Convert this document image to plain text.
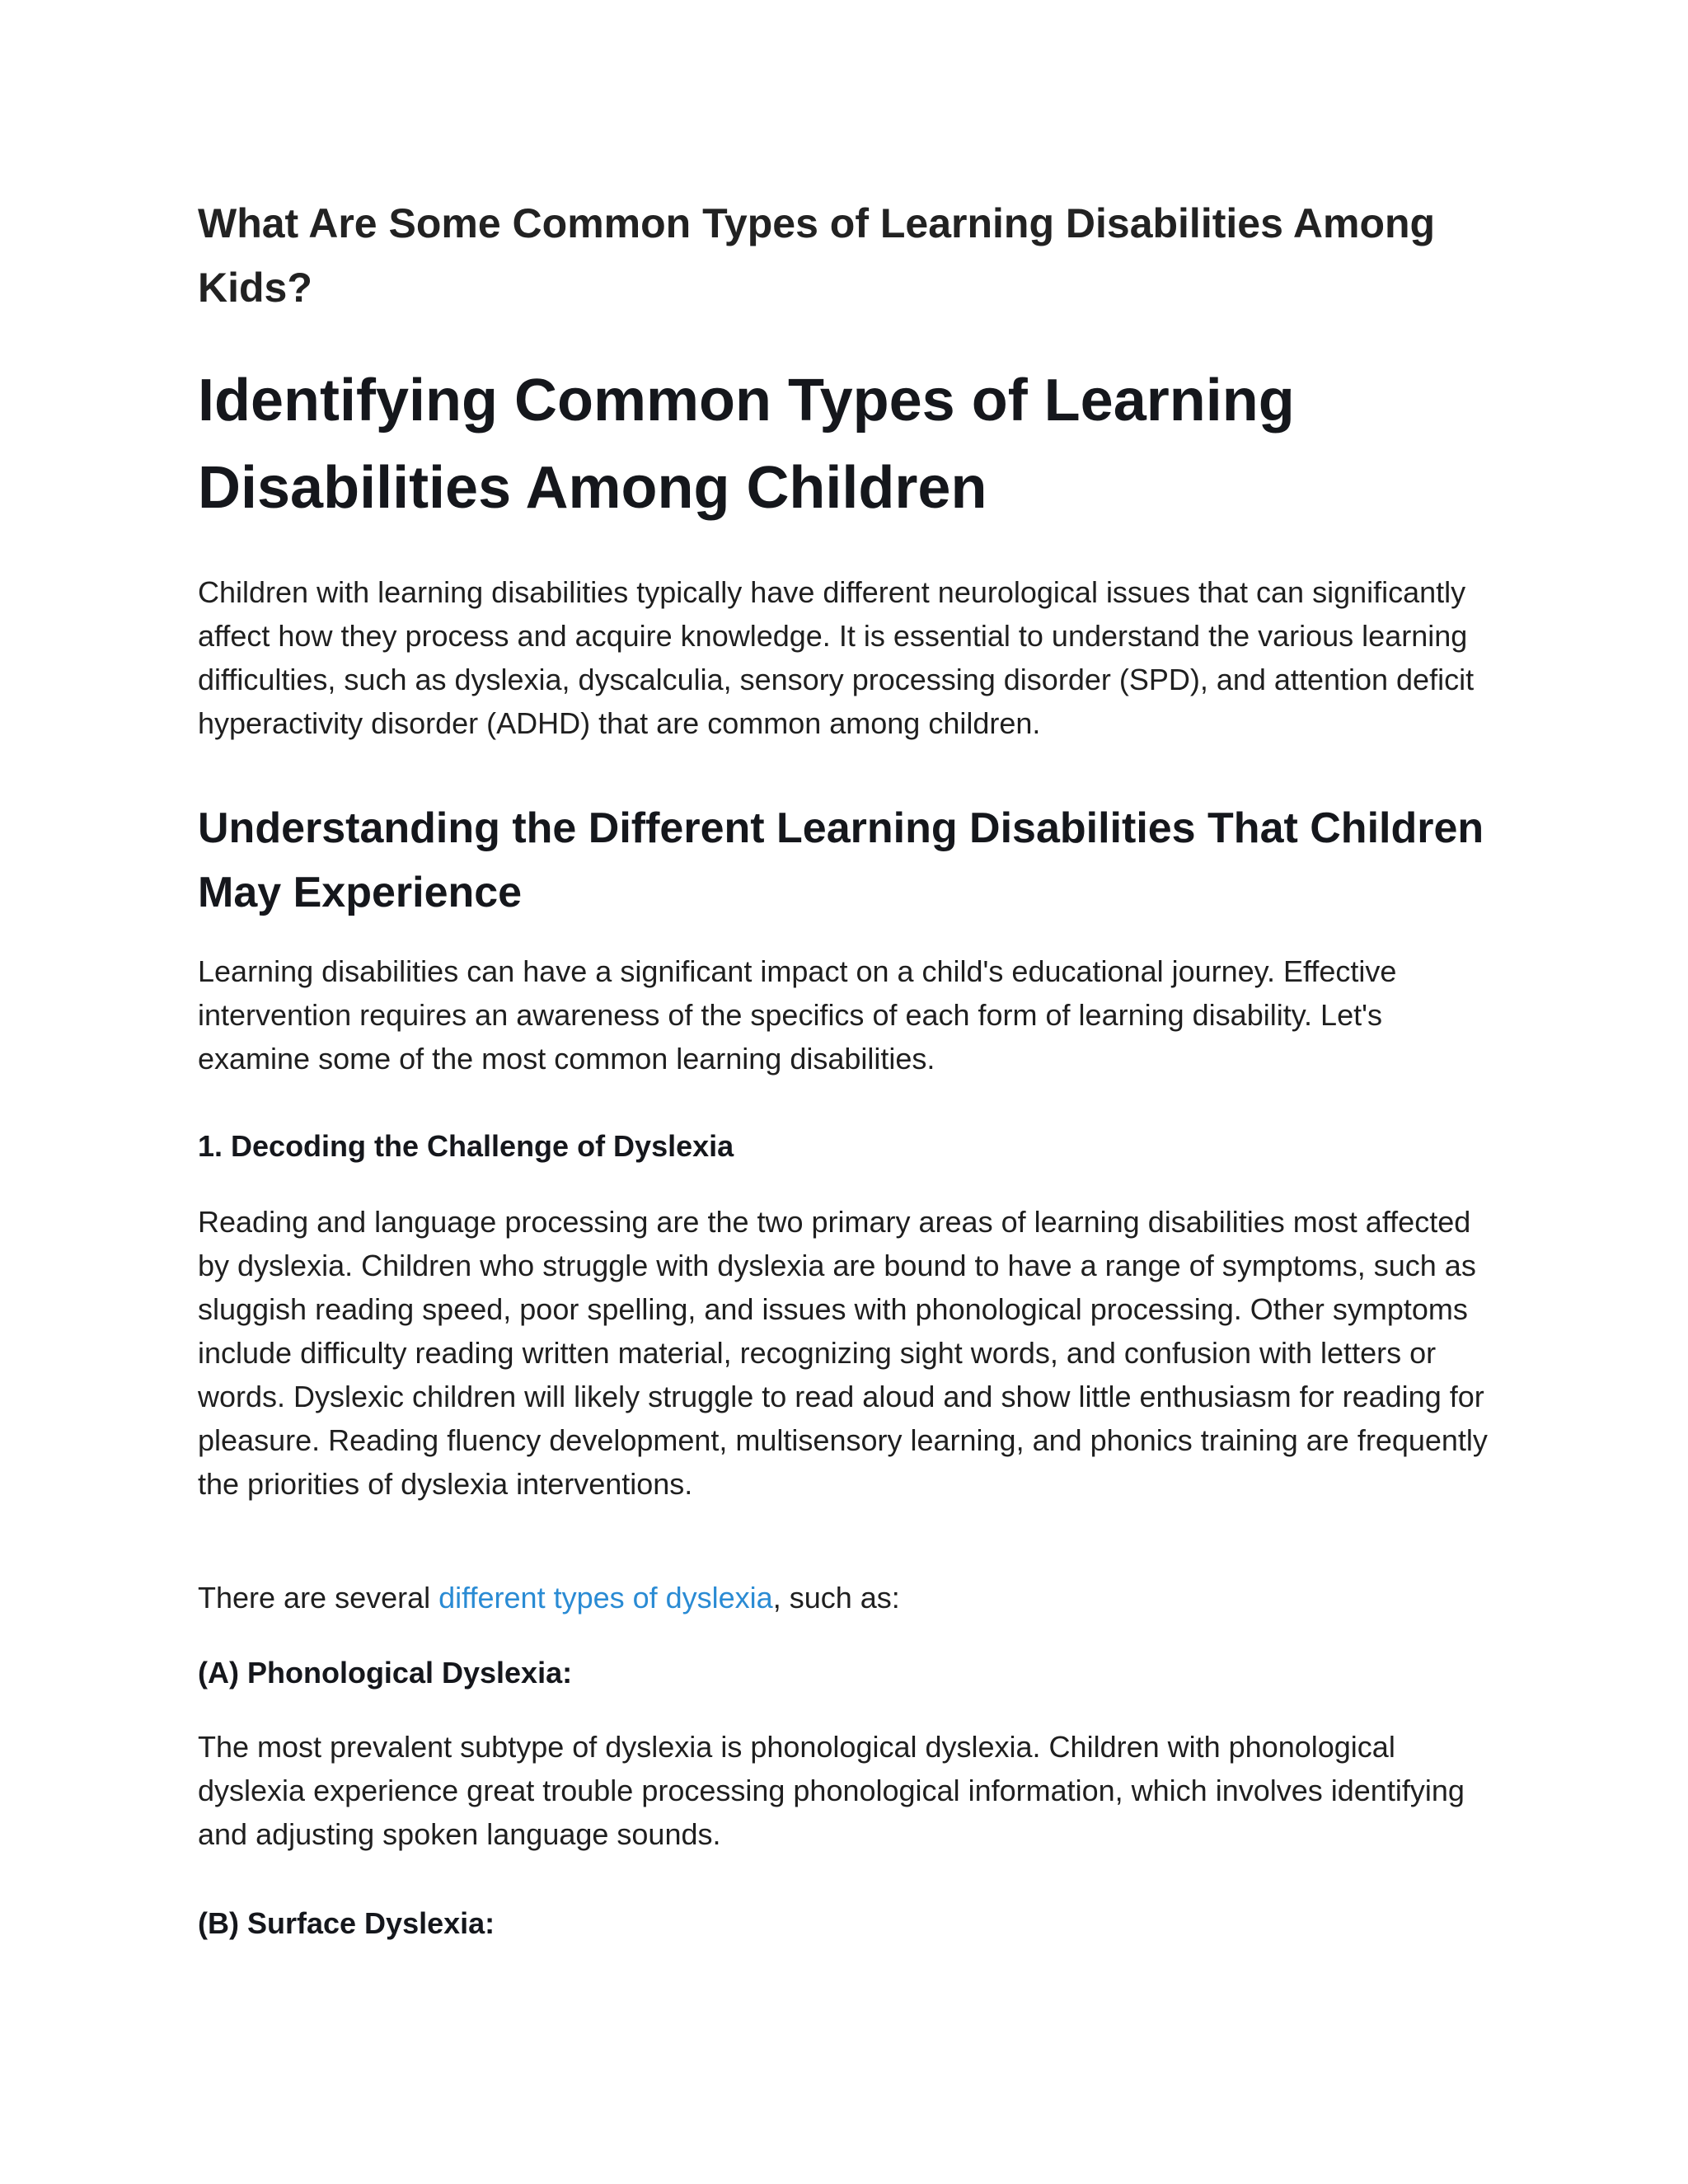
What Are Some Common Types of Learning Disabilities Among Kids?
Identifying Common Types of Learning Disabilities Among Children

Children with learning disabilities typically have different neurological issues that can significantly affect how they process and acquire knowledge. It is essential to understand the various learning difficulties, such as dyslexia, dyscalculia, sensory processing disorder (SPD), and attention deficit hyperactivity disorder (ADHD) that are common among children.

Understanding the Different Learning Disabilities That Children May Experience

Learning disabilities can have a significant impact on a child's educational journey. Effective intervention requires an awareness of the specifics of each form of learning disability. Let's examine some of the most common learning disabilities.

1. Decoding the Challenge of Dyslexia

Reading and language processing are the two primary areas of learning disabilities most affected by dyslexia. Children who struggle with dyslexia are bound to have a range of symptoms, such as sluggish reading speed, poor spelling, and issues with phonological processing. Other symptoms include difficulty reading written material, recognizing sight words, and confusion with letters or words. Dyslexic children will likely struggle to read aloud and show little enthusiasm for reading for pleasure. Reading fluency development, multisensory learning, and phonics training are frequently the priorities of dyslexia interventions.

There are several different types of dyslexia, such as:

(A) Phonological Dyslexia:

The most prevalent subtype of dyslexia is phonological dyslexia. Children with phonological dyslexia experience great trouble processing phonological information, which involves identifying and adjusting spoken language sounds.

(B) Surface Dyslexia:
